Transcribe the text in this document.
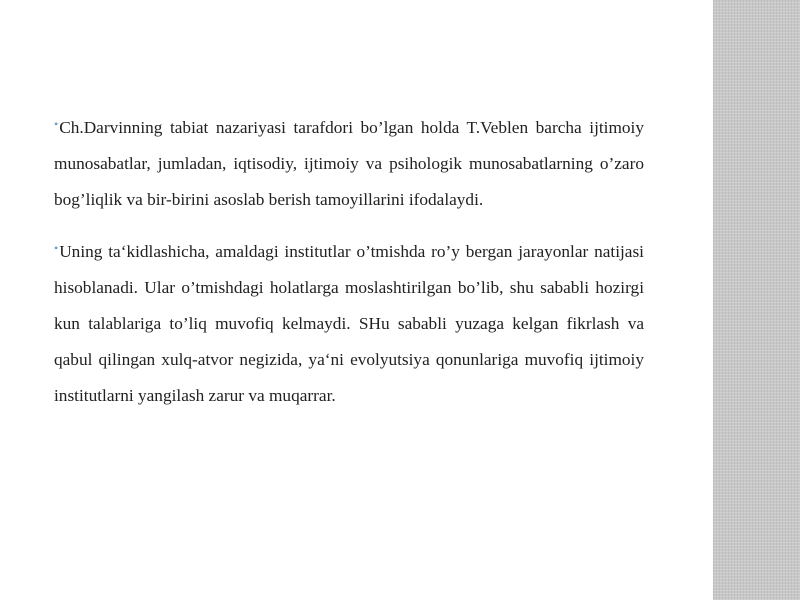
•Ch.Darvinning tabiat nazariyasi tarafdori bo’lgan holda T.Veblen barcha ijtimoiy munosabatlar, jumladan, iqtisodiy, ijtimoiy va psihologik munosabatlarning o’zaro bog’liqlik va bir-birini asoslab berish tamoyillarini ifodalaydi.

•Uning ta‘kidlashicha, amaldagi institutlar o’tmishda ro’y bergan jarayonlar natijasi hisoblanadi. Ular o’tmishdagi holatlarga moslashtirilgan bo’lib, shu sababli hozirgi kun talablariga to’liq muvofiq kelmaydi. SHu sababli yuzaga kelgan fikrlash va qabul qilingan xulq-atvor negizida, ya‘ni evolyutsiya qonunlariga muvofiq ijtimoiy institutlarni yangilash zarur va muqarrar.
